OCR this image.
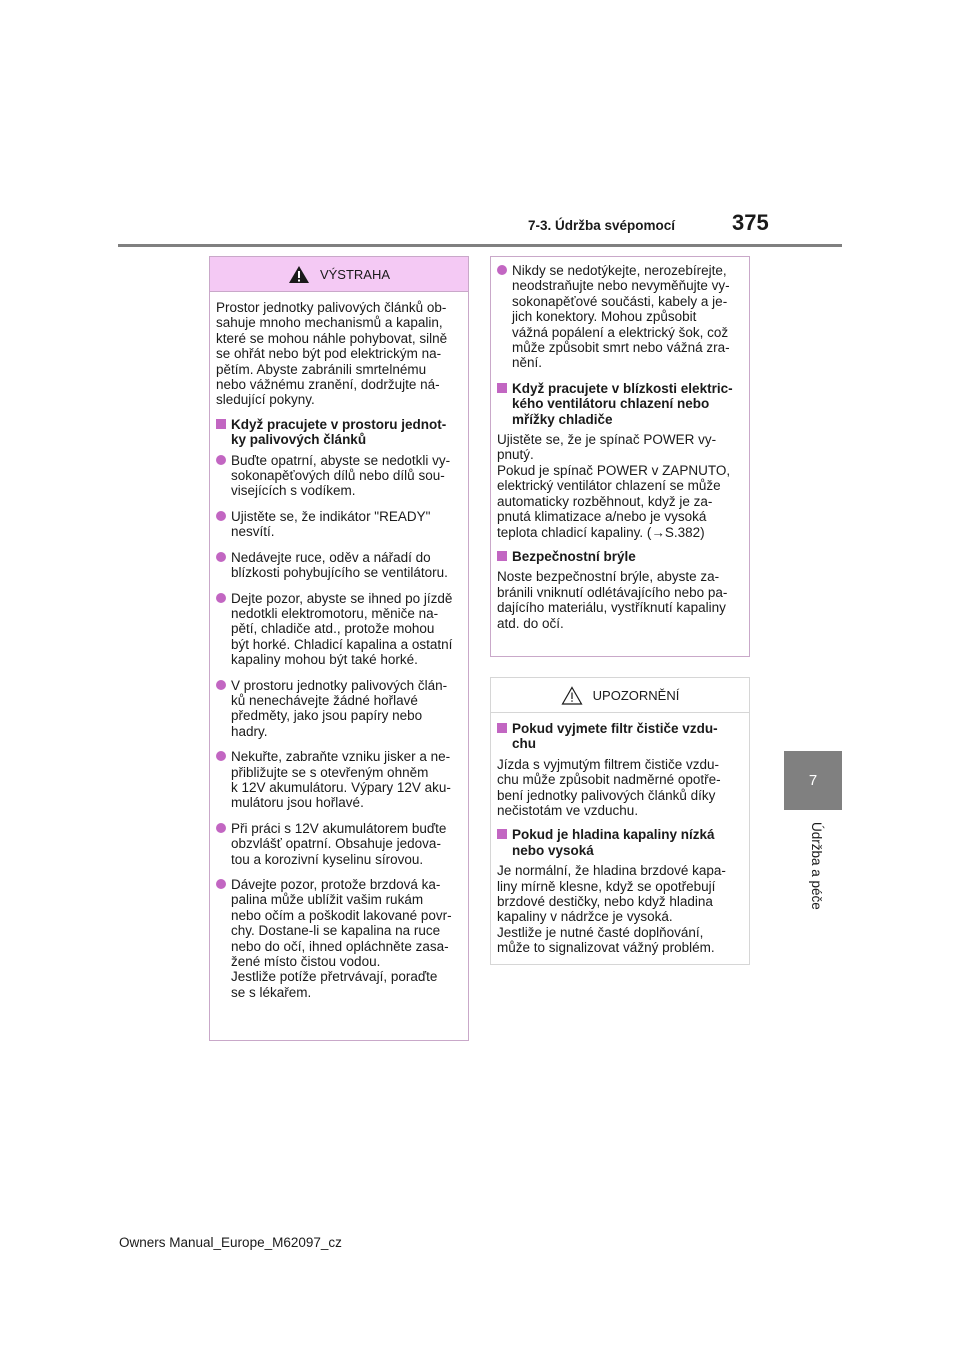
7-3. Údržba svépomocí	375
7
Údržba a péče
VÝSTRAHA

Prostor jednotky palivových článků ob-
sahuje mnoho mechanismů a kapalin,
které se mohou náhle pohybovat, silně
se ohřát nebo být pod elektrickým na-
pětím. Abyste zabránili smrtelnému
nebo vážnému zranění, dodržujte ná-
sledující pokyny.

Když pracujete v prostoru jednot-
ky palivových článků
Buďte opatrní, abyste se nedotkli vy-
sokonapěťových dílů nebo dílů sou-
visejících s vodíkem.
Ujistěte se, že indikátor "READY"
nesvítí.
Nedávejte ruce, oděv a nářadí do
blízkosti pohybujícího se ventilátoru.
Dejte pozor, abyste se ihned po jízdě
nedotkli elektromotoru, měniče na-
pětí, chladiče atd., protože mohou
být horké. Chladicí kapalina a ostatní
kapaliny mohou být také horké.
V prostoru jednotky palivových člán-
ků nenechávejte žádné hořlavé
předměty, jako jsou papíry nebo
hadry.
Nekuřte, zabraňte vzniku jisker a ne-
přibližujte se s otevřeným ohněm
k 12V akumulátoru. Výpary 12V aku-
mulátoru jsou hořlavé.
Při práci s 12V akumulátorem buďte
obzvlášť opatrní. Obsahuje jedova-
tou a korozivní kyselinu sírovou.
Dávejte pozor, protože brzdová ka-
palina může ublížit vašim rukám
nebo očím a poškodit lakované povr-
chy. Dostane-li se kapalina na ruce
nebo do očí, ihned opláchněte zasa-
žené místo čistou vodou.
Jestliže potíže přetrvávají, poraďte
se s lékařem.
Nikdy se nedotýkejte, nerozebírejte,
neodstraňujte nebo nevyměňujte vy-
sokonapěťové součásti, kabely a je-
jich konektory. Mohou způsobit
vážná popálení a elektrický šok, což
může způsobit smrt nebo vážná zra-
nění.
Když pracujete v blízkosti elektric-
kého ventilátoru chlazení nebo
mřížky chladiče

Ujistěte se, že je spínač POWER vy-
pnutý.
Pokud je spínač POWER v ZAPNUTO,
elektrický ventilátor chlazení se může
automaticky rozběhnout, když je za-
pnutá klimatizace a/nebo je vysoká
teplota chladicí kapaliny. (→S.382)

Bezpečnostní brýle

Noste bezpečnostní brýle, abyste za-
bránili vniknutí odlétávajícího nebo pa-
dajícího materiálu, vystříknutí kapaliny
atd. do očí.

UPOZORNĚNÍ
Pokud vyjmete filtr čističe vzdu-
chu

Jízda s vyjmutým filtrem čističe vzdu-
chu může způsobit nadměrné opotře-
bení jednotky palivových článků díky
nečistotám ve vzduchu.

Pokud je hladina kapaliny nízká
nebo vysoká

Je normální, že hladina brzdové kapa-
liny mírně klesne, když se opotřebují
brzdové destičky, nebo když hladina
kapaliny v nádržce je vysoká.
Jestliže je nutné časté doplňování,
může to signalizovat vážný problém.

Owners Manual_Europe_M62097_cz
